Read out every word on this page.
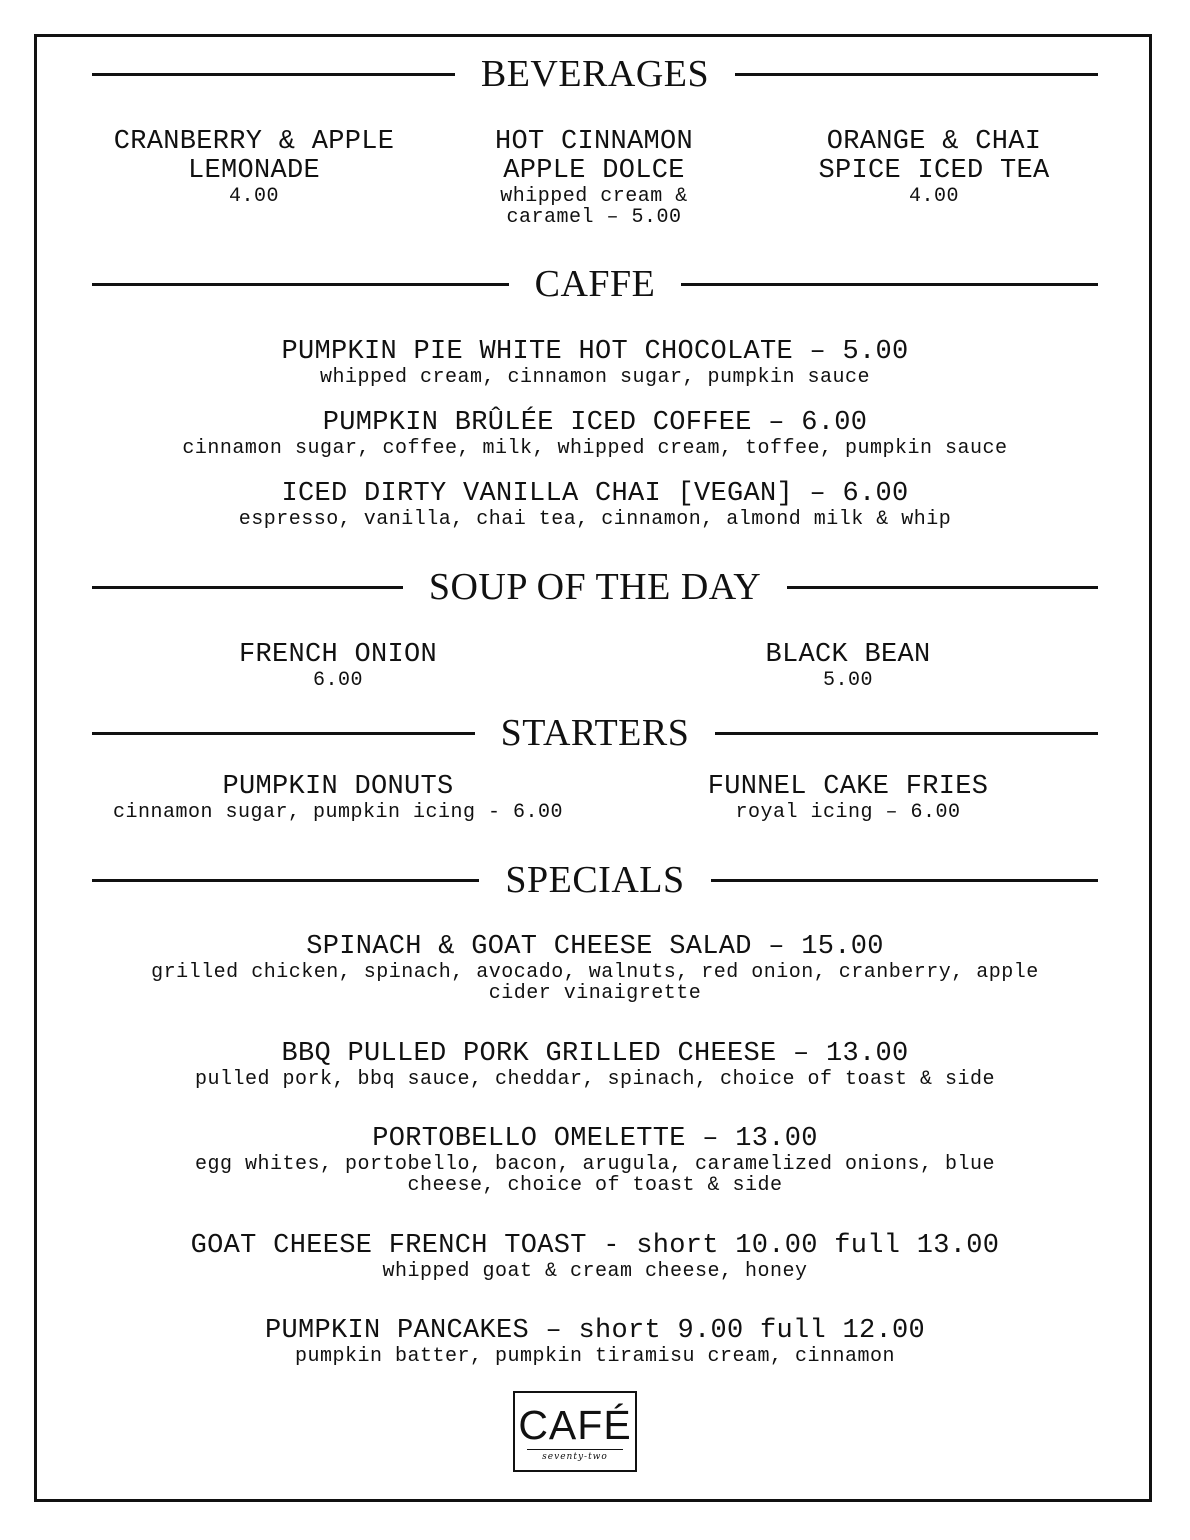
BEVERAGES
CRANBERRY & APPLE
LEMONADE
4.00
HOT CINNAMON
APPLE DOLCE
whipped cream &
caramel – 5.00
ORANGE & CHAI
SPICE ICED TEA
4.00
CAFFE
PUMPKIN PIE WHITE HOT CHOCOLATE – 5.00
whipped cream, cinnamon sugar, pumpkin sauce
PUMPKIN BRÛLÉE ICED COFFEE – 6.00
cinnamon sugar, coffee, milk, whipped cream, toffee, pumpkin sauce
ICED DIRTY VANILLA CHAI [VEGAN] – 6.00
espresso, vanilla, chai tea, cinnamon, almond milk & whip
SOUP OF THE DAY
FRENCH ONION
6.00
BLACK BEAN
5.00
STARTERS
PUMPKIN DONUTS
cinnamon sugar, pumpkin icing - 6.00
FUNNEL CAKE FRIES
royal icing – 6.00
SPECIALS
SPINACH & GOAT CHEESE SALAD – 15.00
grilled chicken, spinach, avocado, walnuts, red onion, cranberry, apple
cider vinaigrette
BBQ PULLED PORK GRILLED CHEESE – 13.00
pulled pork, bbq sauce, cheddar, spinach, choice of toast & side
PORTOBELLO OMELETTE – 13.00
egg whites, portobello, bacon, arugula, caramelized onions, blue
cheese, choice of toast & side
GOAT CHEESE FRENCH TOAST - short 10.00 full 13.00
whipped goat & cream cheese, honey
PUMPKIN PANCAKES – short 9.00 full 12.00
pumpkin batter, pumpkin tiramisu cream, cinnamon
CAFÉ
seventy-two
